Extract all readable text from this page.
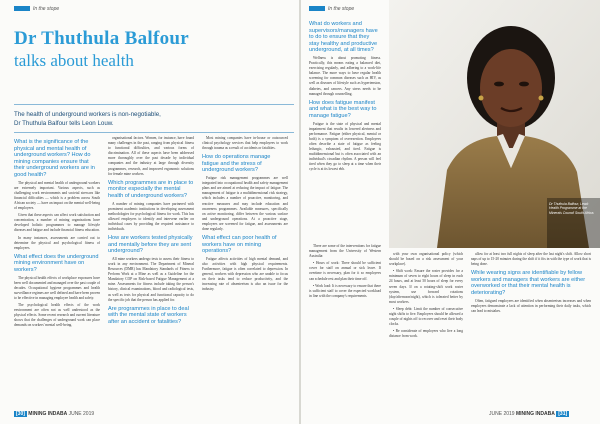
In the stope
Dr Thuthula Balfour
talks about health
The health of underground workers is non-negotiable,
Dr Thuthula Balfour tells Leon Louw.
What is the significance of the physical and mental health of underground workers? How do mining companies ensure that their underground workers are in good health?

The physical and mental health of underground workers are extremely important. Various aspects, such as challenging work environments and societal stressors like financial difficulties — which is a problem across South African society — have an impact on the mental well-being of employees.

Given that these aspects can affect work satisfaction and concentration, a number of mining organisations have developed holistic programmes to manage lifestyle diseases and fatigue and include financial fitness education.

In many instances, assessments are carried out to determine the physical and psychological fitness of employees.

What effect does the underground mining environment have on workers?

The physical health effects of workplace exposures have been well documented and managed over the past couple of decades. Occupational hygiene programmes and health surveillance regimes are well defined and have been proven to be effective in managing employee health and safety.

The psychological health effects of the work environment are often not as well understood as the physical effects. Some recent research and current literature shows that the challenges of underground work can place demands on workers' mental well-being.

organisational factors. Women, for instance, have found many challenges in the past, ranging from physical fitness to functional difficulties, and various forms of discrimination. All of these aspects have been addressed more thoroughly over the past decade by individual companies and the industry at large through diversity programmes, research, and improved ergonomic solutions for female mine workers.

Which programmes are in place to monitor especially the mental health of underground workers?

A number of mining companies have partnered with prominent academic institutions in developing assessment methodologies for psychological fitness for work. This has allowed employers to identify and intervene earlier on individual cases by providing the required assistance to individuals.

How are workers tested physically and mentally before they are sent underground?

All mine workers undergo tests to assess their fitness to work in any environment. The Department of Mineral Resources (DMR) has Mandatory Standards of Fitness to Perform Work at a Mine as well as a Guideline for the Mandatory COP on Risk-based Fatigue Management at a mine. Assessments for fitness include taking the person's history, clinical examinations, blood and radiological tests, as well as tests for physical and functional capacity to do the specific job that the person has applied for.

Are programmes in place to deal with the mental state of workers after an accident or fatalities?

Most mining companies have in-house or outsourced clinical psychology services that help employees to work through trauma as a result of accidents or fatalities.

How do operations manage fatigue and the stress of underground workers?

Fatigue risk management programmes are well integrated into occupational health and safety management plans and are aimed at reducing the impact of fatigue. The management of fatigue is a multidimensional risk strategy, which includes a number of proactive, monitoring, and reactive measures and may include education and awareness programmes. Available measures, specifically on active monitoring, differ between the various surface and underground operations. At a proactive stage, employees are screened for fatigue, and assessments are done regularly.

What effect can poor health of workers have on mining operations?

Fatigue affects activities of high mental demand, and also activities with high physical requirements. Furthermore, fatigue is often correlated to depression. In general, workers with depression who are unable to focus on their tasks tend to reduce productivity, and the increasing rate of absenteeism is also an issue for the industry.

[30] MINING INDABA JUNE 2019
In the stope
What do workers and supervisors/managers have to do to ensure that they stay healthy and productive underground, at all times?

Wellness is about promoting fitness. Practically, this means eating a balanced diet, exercising regularly, and adhering to a work-life balance. The more ways to have regular health screening for common diseases such as HIV, as well as diseases of lifestyle such as hypertension, diabetes, and cancers. Any stress needs to be managed through counselling.

How does fatigue manifest and what is the best way to manage fatigue?

Fatigue is the state of physical and mental impairment that results in lowered alertness and performance. Fatigue (either physical, mental or both) is a symptom of overexertion. Employees often describe a state of fatigue as feeling lethargic, exhausted, and tired. Fatigue is multidimensional but is often associated with an individual's circadian rhythm. A person will feel tired when they go to sleep at a time when their cycle is at its lowest ebb.

There are some of the interventions for fatigue management from the University of Western Australia:

• Hours of work: There should be sufficient cover for staff on annual or sick leave. If overtime is necessary, plan for it so employees can schedule rest and plan their time off.

• Work load: It is necessary to ensure that there is sufficient staff to cover the expected workload in line with the company's requirements.

with your own organisational policy (which should be based on a risk assessment of your workplace).

• Shift work: Ensure the roster provides for a minimum of seven to eight hours of sleep in each 24 hours, and at least 50 hours of sleep for every seven days. If on a rotating-shift work roster system, use forward rotations (day/afternoon/night), which is tolerated better by most workers.

• Sleep debt: Limit the number of consecutive night shifts to five. Employees should be allowed a couple of nights off to recover and reset their body clocks.

• Be considerate of employees who live a long distance from work.

allow for at least two full nights of sleep after the last night's shift. Allow short naps of up to 15-20 minutes during the shift if it fits in with the type of work that is being done.

While wearing signs are identifiable by fellow workers and managers that workers are either overworked or that their mental health is deteriorating?

Often, fatigued employees are identified when absenteeism increases and when employees demonstrate a lack of attention in performing their daily tasks, which can lead to mistakes.

Dr Thuthula Balfour, Lead: Health Programme at the Minerals Council South Africa.
JUNE 2019 MINING INDABA [31]
